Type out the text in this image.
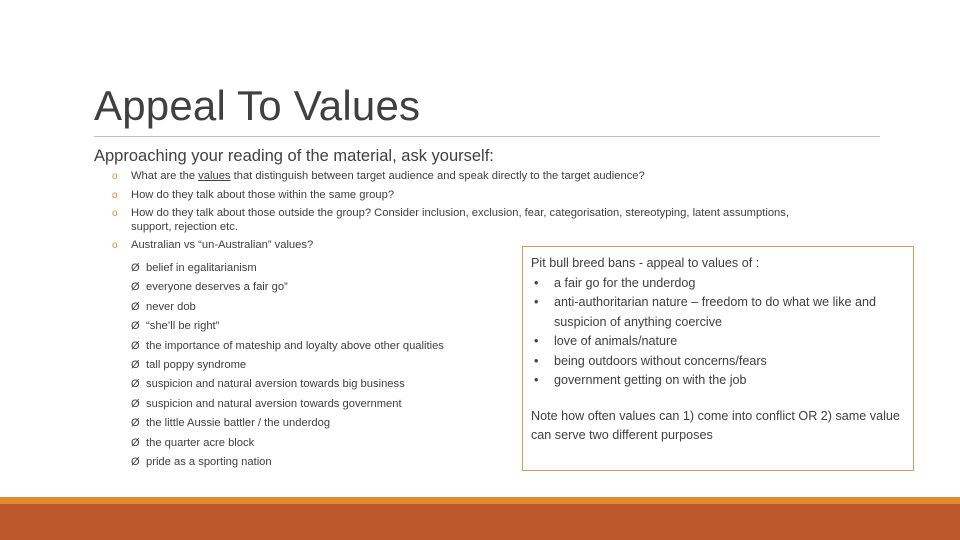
Appeal To Values
Approaching your reading of the material, ask yourself:
o What are the values that distinguish between target audience and speak directly to the target audience?
o How do they talk about those within the same group?
o How do they talk about those outside the group? Consider inclusion, exclusion, fear, categorisation, stereotyping, latent assumptions, support, rejection etc.
o Australian vs “un-Australian” values?
Ø belief in egalitarianism
Ø everyone deserves a fair go”
Ø never dob
Ø “she’ll be right”
Ø the importance of mateship and loyalty above other qualities
Ø tall poppy syndrome
Ø suspicion and natural aversion towards big business
Ø suspicion and natural aversion towards government
Ø the little Aussie battler / the underdog
Ø the quarter acre block
Ø pride as a sporting nation
Pit bull breed bans - appeal to values of :
• a fair go for the underdog
• anti-authoritarian nature – freedom to do what we like and suspicion of anything coercive
• love of animals/nature
• being outdoors without concerns/fears
• government getting on with the job
Note how often values can 1) come into conflict OR 2) same value can serve two different purposes
